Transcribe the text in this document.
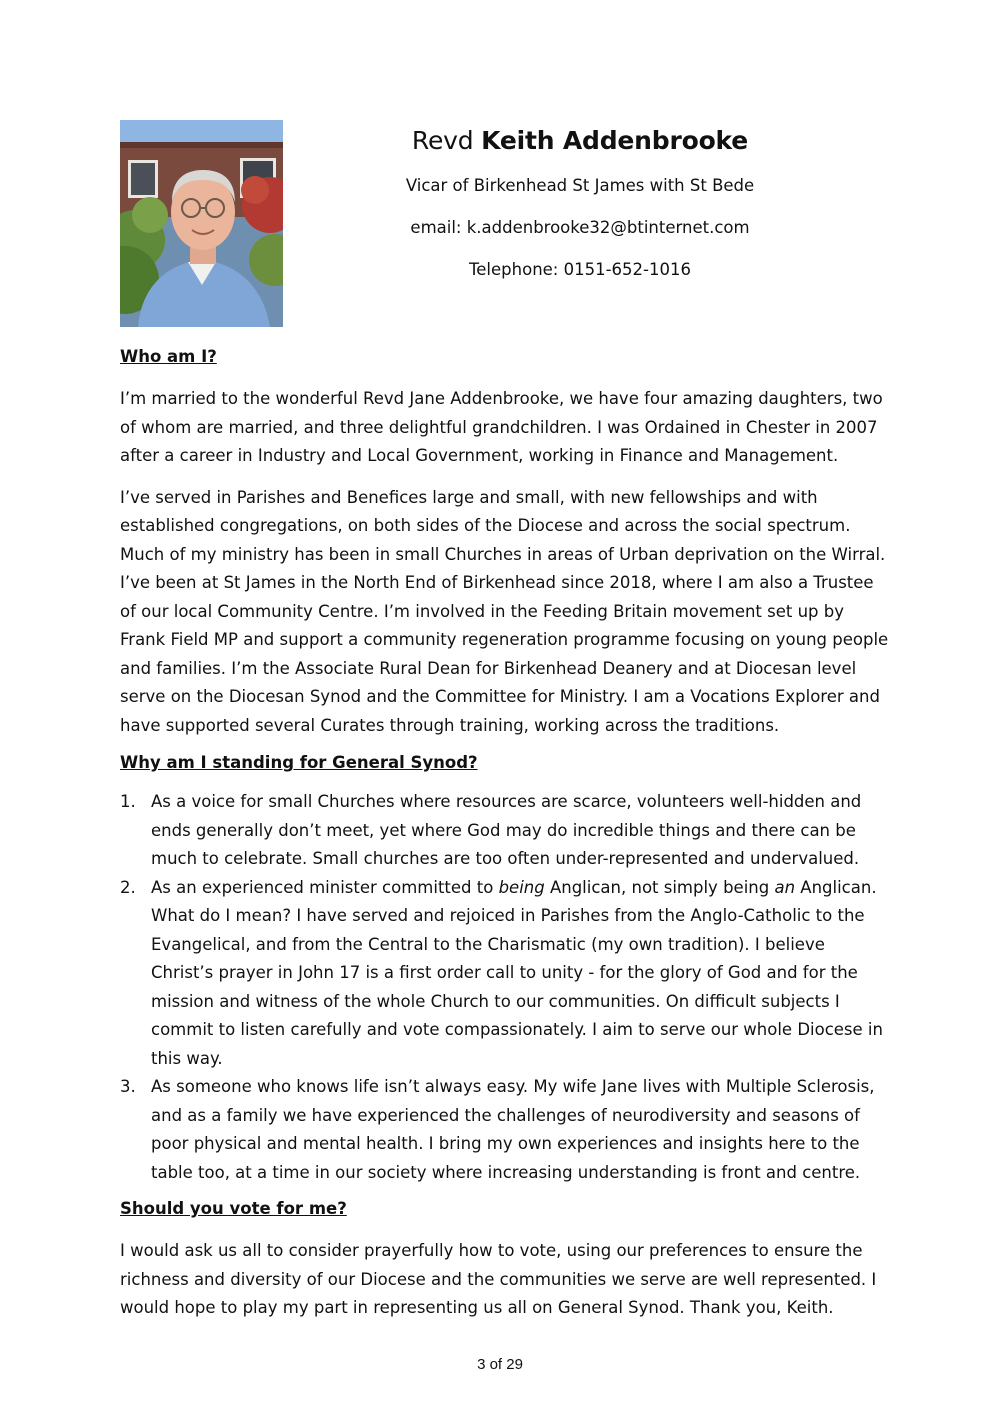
Revd Keith Addenbrooke

Vicar of Birkenhead St James with St Bede

email: k.addenbrooke32@btinternet.com

Telephone: 0151-652-1016

Who am I?

I’m married to the wonderful Revd Jane Addenbrooke, we have four amazing daughters, two of whom are married, and three delightful grandchildren. I was Ordained in Chester in 2007 after a career in Industry and Local Government, working in Finance and Management.

I’ve served in Parishes and Benefices large and small, with new fellowships and with established congregations, on both sides of the Diocese and across the social spectrum. Much of my ministry has been in small Churches in areas of Urban deprivation on the Wirral. I’ve been at St James in the North End of Birkenhead since 2018, where I am also a Trustee of our local Community Centre. I’m involved in the Feeding Britain movement set up by Frank Field MP and support a community regeneration programme focusing on young people and families. I’m the Associate Rural Dean for Birkenhead Deanery and at Diocesan level serve on the Diocesan Synod and the Committee for Ministry. I am a Vocations Explorer and have supported several Curates through training, working across the traditions.

Why am I standing for General Synod?
1. As a voice for small Churches where resources are scarce, volunteers well-hidden and ends generally don’t meet, yet where God may do incredible things and there can be much to celebrate. Small churches are too often under-represented and undervalued.
2. As an experienced minister committed to being Anglican, not simply being an Anglican. What do I mean? I have served and rejoiced in Parishes from the Anglo-Catholic to the Evangelical, and from the Central to the Charismatic (my own tradition). I believe Christ’s prayer in John 17 is a first order call to unity - for the glory of God and for the mission and witness of the whole Church to our communities. On difficult subjects I commit to listen carefully and vote compassionately. I aim to serve our whole Diocese in this way.
3. As someone who knows life isn’t always easy. My wife Jane lives with Multiple Sclerosis, and as a family we have experienced the challenges of neurodiversity and seasons of poor physical and mental health. I bring my own experiences and insights here to the table too, at a time in our society where increasing understanding is front and centre.
Should you vote for me?

I would ask us all to consider prayerfully how to vote, using our preferences to ensure the richness and diversity of our Diocese and the communities we serve are well represented. I would hope to play my part in representing us all on General Synod. Thank you, Keith.

3 of 29
